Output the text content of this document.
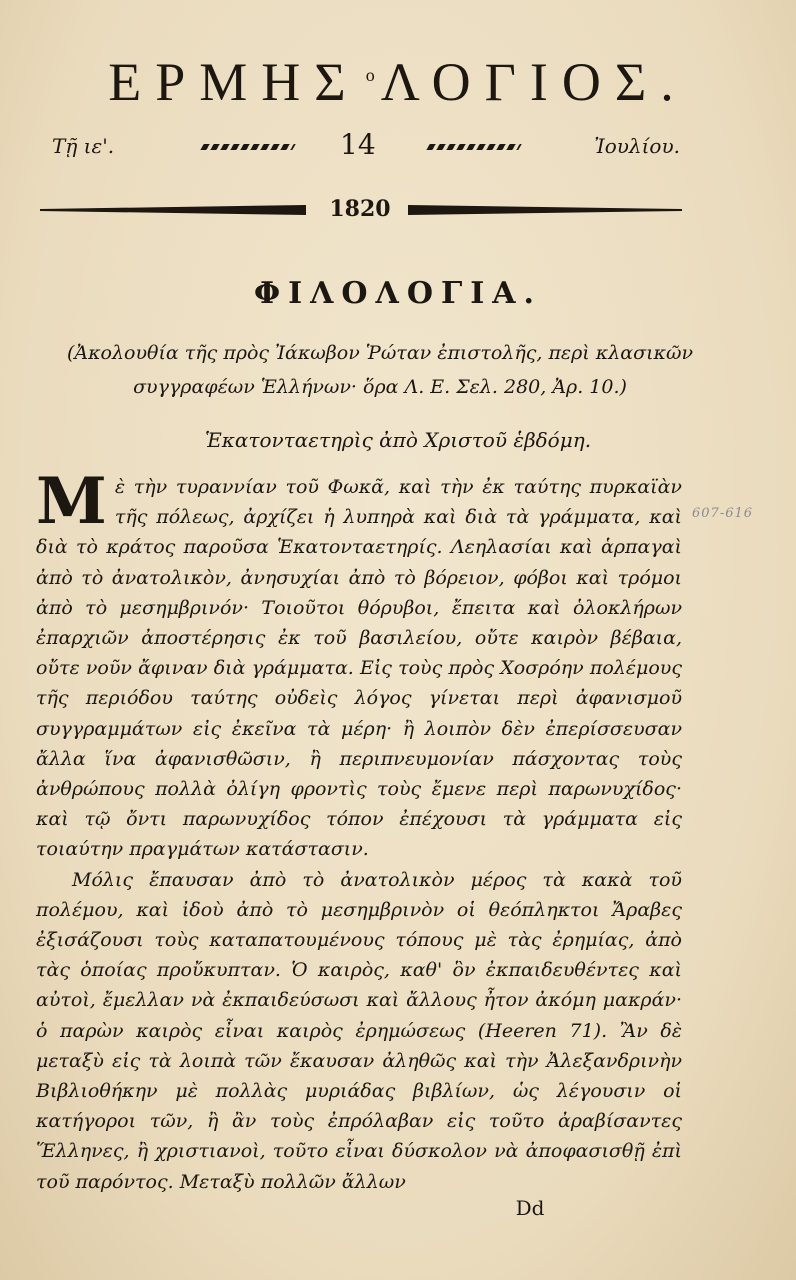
ΕΡΜΗΣ $^o$ ΛΟΓΙΟΣ.
Τῇ ιε'.	14	Ἰουλίου.
1820
ΦΙΛΟΛΟΓΙΑ.
(Ἀκολουθία τῆς πρὸς Ἰάκωβον Ῥώταν ἐπιστολῆς, περὶ κλασικῶν συγγραφέων Ἑλλήνων· ὅρα Λ. Ε. Σελ. 280, Ἀρ. 10.)
Ἑκατονταετηρὶς ἀπὸ Χριστοῦ ἑβδόμη.

Μὲ τὴν τυραννίαν τοῦ Φωκᾶ, καὶ τὴν ἐκ ταύτης πυρκαϊὰν τῆς πόλεως, ἀρχίζει ἡ λυπηρὰ καὶ διὰ τὰ γράμματα, καὶ διὰ τὸ κράτος παροῦσα Ἑκατονταετηρίς. Λεηλασίαι καὶ ἁρπαγαὶ ἀπὸ τὸ ἀνατολικὸν, ἀνησυχίαι ἀπὸ τὸ βόρειον, φόβοι καὶ τρόμοι ἀπὸ τὸ μεσημβρινόν· Τοιοῦτοι θόρυβοι, ἔπειτα καὶ ὁλοκλήρων ἐπαρχιῶν ἀποστέρησις ἐκ τοῦ βασιλείου, οὔτε καιρὸν βέβαια, οὔτε νοῦν ἄφιναν διὰ γράμματα. Εἰς τοὺς πρὸς Χοσρόην πολέμους τῆς περιόδου ταύτης οὐδεὶς λόγος γίνεται περὶ ἀφανισμοῦ συγγραμμάτων εἰς ἐκεῖνα τὰ μέρη· ἢ λοιπὸν δὲν ἐπερίσσευσαν ἄλλα ἵνα ἀφανισθῶσιν, ἢ περιπνευμονίαν πάσχοντας τοὺς ἀνθρώπους πολλὰ ὀλίγη φροντὶς τοὺς ἔμενε περὶ παρωνυχίδος· καὶ τῷ ὄντι παρωνυχίδος τόπον ἐπέχουσι τὰ γράμματα εἰς τοιαύτην πραγμάτων κατάστασιν.

Μόλις ἔπαυσαν ἀπὸ τὸ ἀνατολικὸν μέρος τὰ κακὰ τοῦ πολέμου, καὶ ἰδοὺ ἀπὸ τὸ μεσημβρινὸν οἱ θεόπληκτοι Ἄραβες ἐξισάζουσι τοὺς καταπατουμένους τόπους μὲ τὰς ἐρημίας, ἀπὸ τὰς ὁποίας προὔκυπταν. Ὁ καιρὸς, καθ' ὃν ἐκπαιδευθέντες καὶ αὐτοὶ, ἔμελλαν νὰ ἐκπαιδεύσωσι καὶ ἄλλους ἦτον ἀκόμη μακράν· ὁ παρὼν καιρὸς εἶναι καιρὸς ἐρημώσεως (Heeren 71). Ἂν δὲ μεταξὺ εἰς τὰ λοιπὰ τῶν ἔκαυσαν ἀληθῶς καὶ τὴν Ἀλεξανδρινὴν Βιβλιοθήκην μὲ πολλὰς μυριάδας βιβλίων, ὡς λέγουσιν οἱ κατήγοροι τῶν, ἢ ἂν τοὺς ἐπρόλαβαν εἰς τοῦτο ἀραβίσαντες Ἕλληνες, ἢ χριστιανοὶ, τοῦτο εἶναι δύσκολον νὰ ἀποφασισθῇ ἐπὶ τοῦ παρόντος. Μεταξὺ πολλῶν ἄλλων

607-616
Dd
